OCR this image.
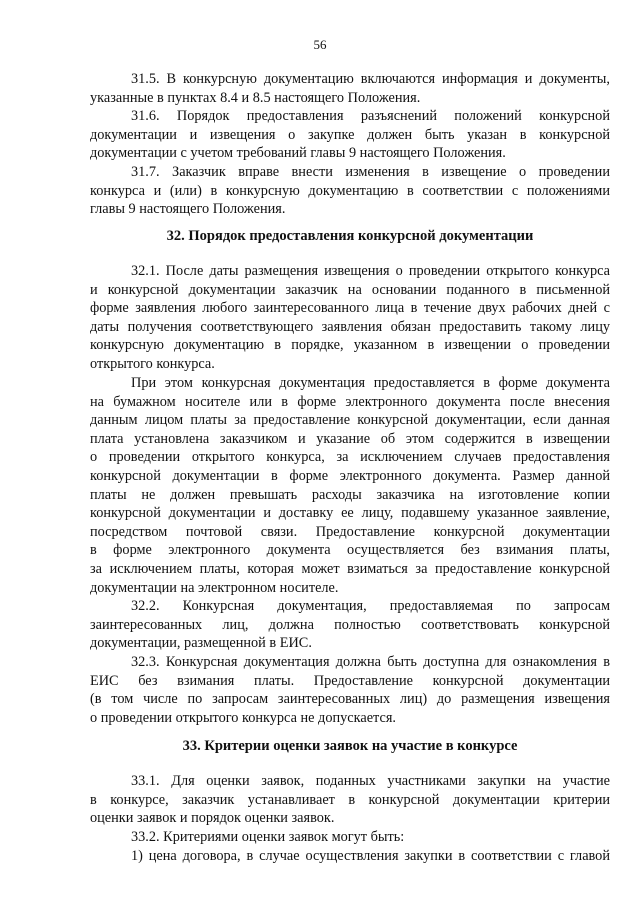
56
31.5. В конкурсную документацию включаются информация и документы,
указанные в пунктах 8.4 и 8.5 настоящего Положения.
31.6. Порядок предоставления разъяснений положений конкурсной
документации и извещения о закупке должен быть указан в конкурсной
документации с учетом требований главы 9 настоящего Положения.
31.7. Заказчик вправе внести изменения в извещение о проведении
конкурса и (или) в конкурсную документацию в соответствии с положениями
главы 9 настоящего Положения.
32. Порядок предоставления конкурсной документации
32.1. После даты размещения извещения о проведении открытого конкурса
и конкурсной документации заказчик на основании поданного в письменной
форме заявления любого заинтересованного лица в течение двух рабочих дней с
даты получения соответствующего заявления обязан предоставить такому лицу
конкурсную документацию в порядке, указанном в извещении о проведении
открытого конкурса.
При этом конкурсная документация предоставляется в форме документа
на бумажном носителе или в форме электронного документа после внесения
данным лицом платы за предоставление конкурсной документации, если данная
плата установлена заказчиком и указание об этом содержится в извещении
о проведении открытого конкурса, за исключением случаев предоставления
конкурсной документации в форме электронного документа. Размер данной
платы не должен превышать расходы заказчика на изготовление копии
конкурсной документации и доставку ее лицу, подавшему указанное заявление,
посредством почтовой связи. Предоставление конкурсной документации
в форме электронного документа осуществляется без взимания платы,
за исключением платы, которая может взиматься за предоставление конкурсной
документации на электронном носителе.
32.2. Конкурсная документация, предоставляемая по запросам
заинтересованных лиц, должна полностью соответствовать конкурсной
документации, размещенной в ЕИС.
32.3. Конкурсная документация должна быть доступна для ознакомления в
ЕИС без взимания платы. Предоставление конкурсной документации
(в том числе по запросам заинтересованных лиц) до размещения извещения
о проведении открытого конкурса не допускается.
33. Критерии оценки заявок на участие в конкурсе
33.1. Для оценки заявок, поданных участниками закупки на участие
в конкурсе, заказчик устанавливает в конкурсной документации критерии
оценки заявок и порядок оценки заявок.
33.2. Критериями оценки заявок могут быть:
1) цена договора, в случае осуществления закупки в соответствии с главой
